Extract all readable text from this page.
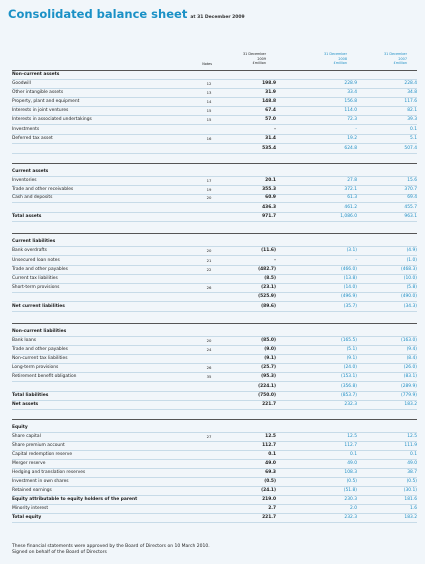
Consolidated balance sheet at 31 December 2009
Notes
31 December
2009
£million
31 December
2008
£million
31 December
2007
£million
Non-current assets
Goodwill	12	198.9	228.9	228.4
Other intangible assets	13	31.9	33.4	34.8
Property, plant and equipment	14	148.8	156.8	117.6
Interests in joint ventures	15	67.4	114.0	82.1
Interests in associated undertakings	15	57.0	72.3	39.3
Investments	-	-	0.1
Deferred tax asset	16	31.4	19.2	5.1
535.4	624.8	507.4
Current assets
Inventories	17	20.1	27.8	15.6
Trade and other receivables	19	355.3	372.1	370.7
Cash and deposits	20	60.9	61.3	69.4
436.3	461.2	455.7
Total assets	971.7	1,086.0	963.1
Current liabilities
Bank overdrafts	20	(11.6)	(3.1)	(4.9)
Unsecured loan notes	21	-	-	(1.0)
Trade and other payables	22	(482.7)	(466.0)	(468.3)
Current tax liabilities	(8.5)	(13.8)	(10.0)
Short-term provisions	26	(23.1)	(14.0)	(5.8)
(525.9)	(496.9)	(490.0)
Net current liabilities	(89.6)	(35.7)	(34.3)
Non-current liabilities
Bank loans	20	(85.0)	(165.5)	(163.0)
Trade and other payables	24	(9.0)	(5.1)	(9.4)
Non-current tax liabilities	(9.1)	(9.1)	(8.4)
Long-term provisions	26	(25.7)	(24.0)	(26.0)
Retirement benefit obligation	35	(95.3)	(153.1)	(83.1)
(224.1)	(356.8)	(289.9)
Total liabilities	(750.0)	(853.7)	(779.9)
Net assets	221.7	232.3	183.2
Equity
Share capital	27	12.5	12.5	12.5
Share premium account	112.7	112.7	111.9
Capital redemption reserve	0.1	0.1	0.1
Merger reserve	49.0	49.0	49.0
Hedging and translation reserves	69.3	108.3	38.7
Investment in own shares	(0.5)	(0.5)	(0.5)
Retained earnings	(24.1)	(51.8)	(30.1)
Equity attributable to equity holders of the parent	219.0	230.3	181.6
Minority interest	2.7	2.0	1.6
Total equity	221.7	232.3	183.2
These financial statements were approved by the Board of Directors on 10 March 2010.
Signed on behalf of the Board of Directors
